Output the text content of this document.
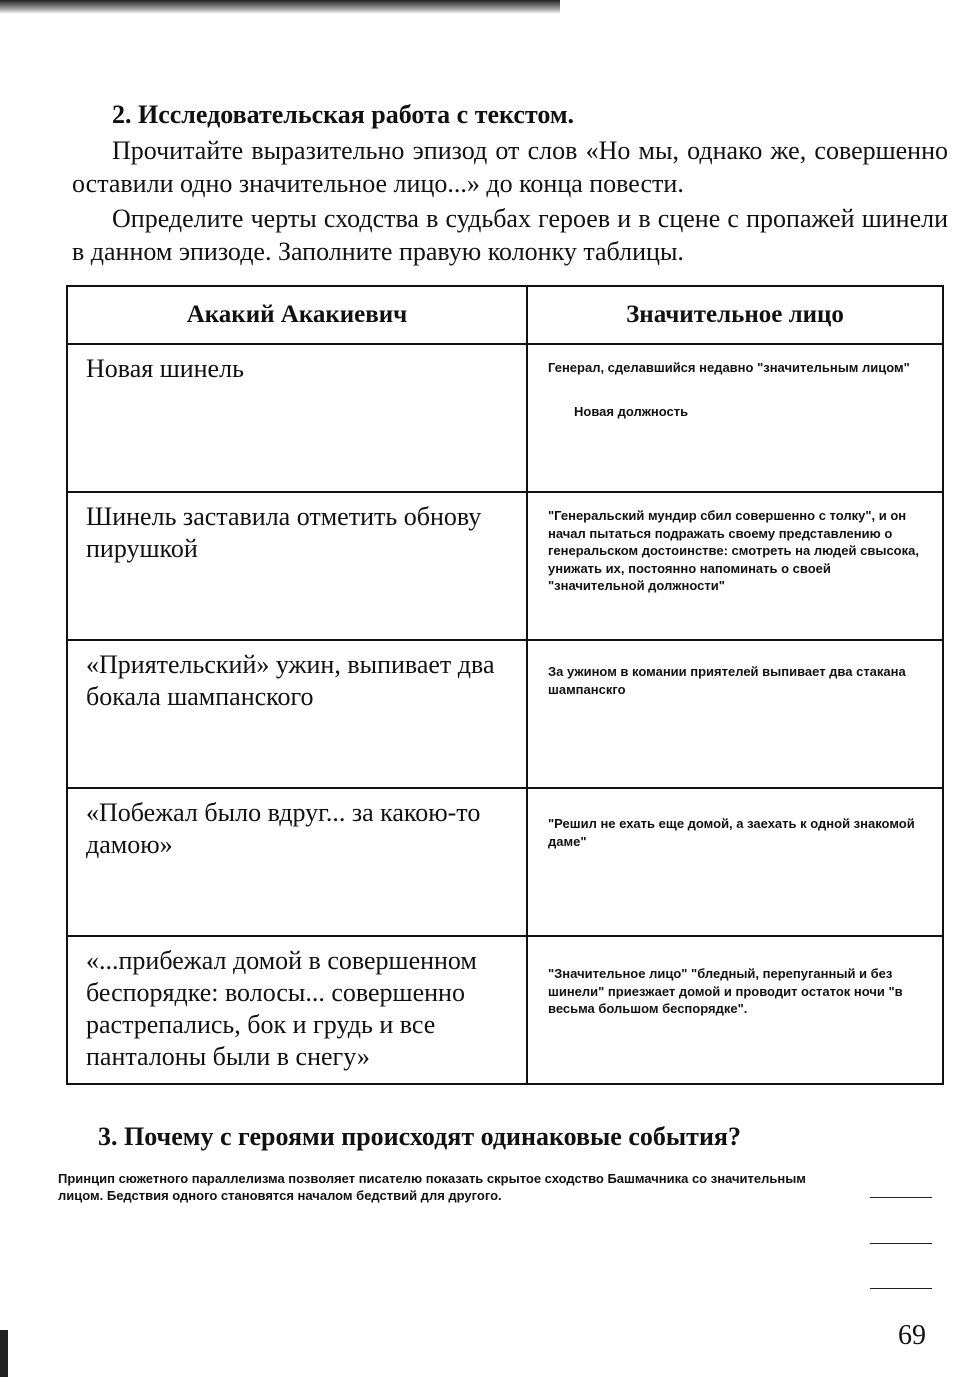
2. Исследовательская работа с текстом.

Прочитайте выразительно эпизод от слов «Но мы, однако же, совершенно оставили одно значительное лицо...» до конца повести.

Определите черты сходства в судьбах героев и в сцене с пропажей шинели в данном эпизоде. Заполните правую колонку таблицы.

Акакий Акакиевич	Значительное лицо
Новая шинель	Генерал, сделавшийся недавно "значительным лицом"
Новая должность

Шинель заставила отметить обнову пирушкой	"Генеральский мундир сбил совершенно с толку", и он начал пытаться подражать своему представлению о генеральском достоинстве: смотреть на людей свысока, унижать их, постоянно напоминать о своей "значительной должности"

«Приятельский» ужин, выпивает два бокала шампанского	За ужином в комании приятелей выпивает два стакана шампанскго

«Побежал было вдруг... за какою-то дамою»	"Решил не ехать еще домой, а заехать к одной знакомой даме"

«...прибежал домой в совершенном беспорядке: волосы... совершенно растрепались, бок и грудь и все панталоны были в снегу»	"Значительное лицо" "бледный, перепуганный и без шинели" приезжает домой и проводит остаток ночи "в весьма большом беспорядке".
3. Почему с героями происходят одинаковые события?
Принцип сюжетного параллелизма позволяет писателю показать скрытое сходство Башмачника со значительным лицом. Бедствия одного становятся началом бедствий для другого.
69
